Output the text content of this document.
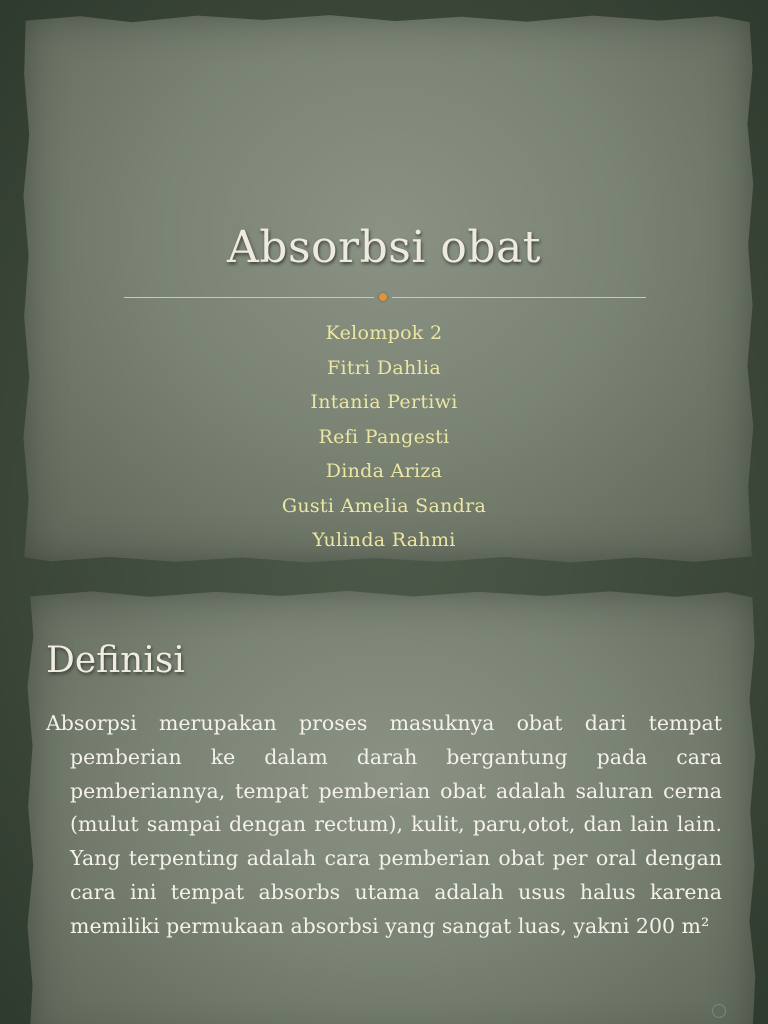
Absorbsi obat
Kelompok 2
Fitri Dahlia
Intania Pertiwi
Refi Pangesti
Dinda Ariza
Gusti Amelia Sandra
Yulinda Rahmi
Definisi

Absorpsi merupakan proses masuknya obat dari tempat pemberian ke dalam darah bergantung pada cara pemberiannya, tempat pemberian obat adalah saluran cerna (mulut sampai dengan rectum), kulit, paru,otot, dan lain lain. Yang terpenting adalah cara pemberian obat per oral dengan cara ini tempat absorbs utama adalah usus halus karena memiliki permukaan absorbsi yang sangat luas, yakni 200 m²
